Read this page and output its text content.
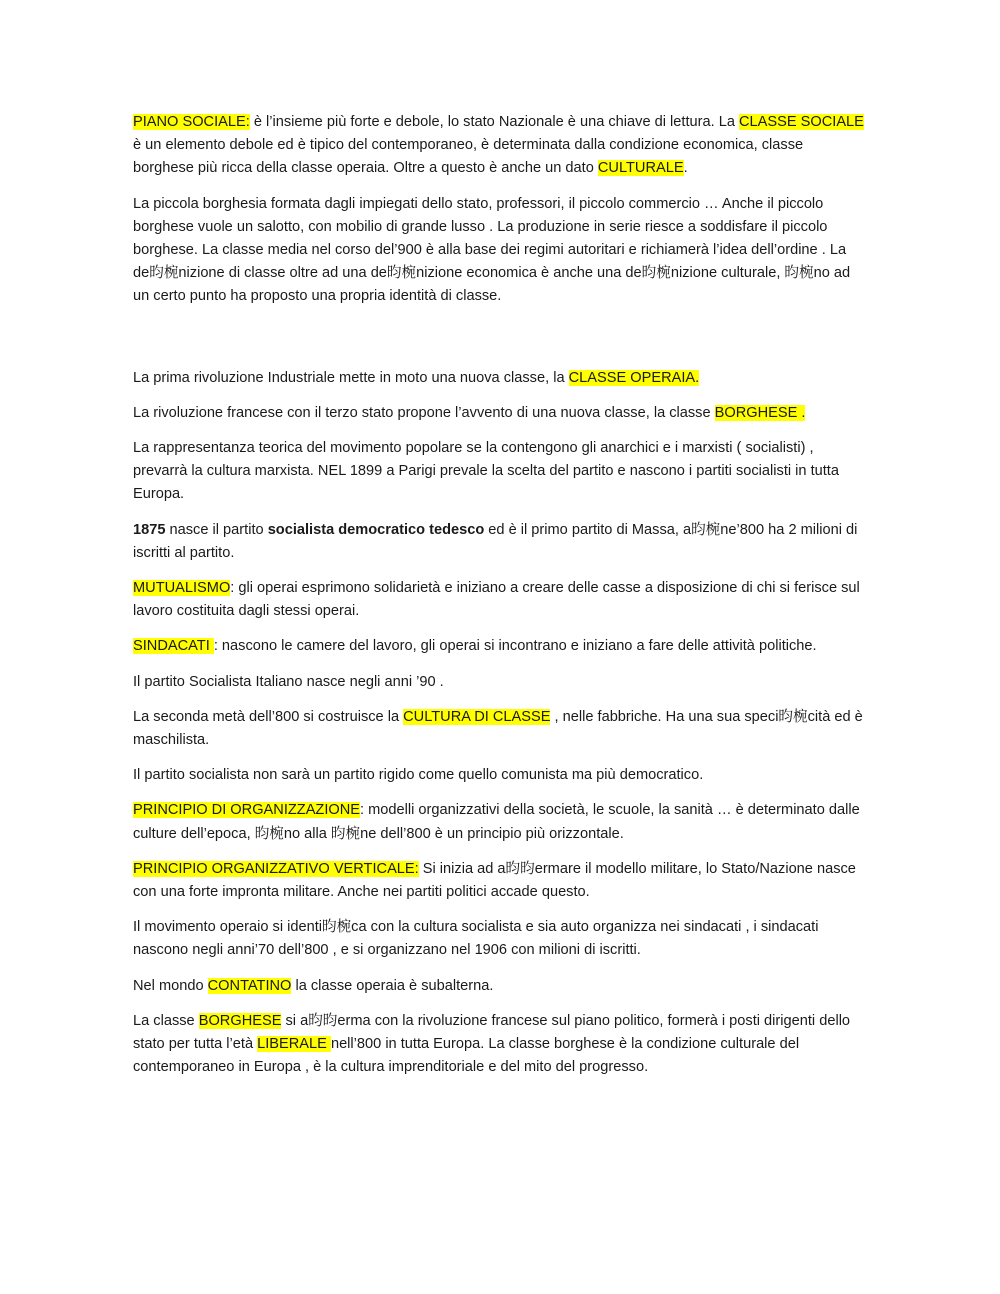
PIANO SOCIALE: è l’insieme più forte e debole, lo stato Nazionale è una chiave di lettura. La CLASSE SOCIALE è un elemento debole ed è tipico del contemporaneo, è determinata dalla condizione economica, classe borghese più ricca della classe operaia. Oltre a questo è anche un dato CULTURALE.

La piccola borghesia formata dagli impiegati dello stato, professori, il piccolo commercio … Anche il piccolo borghese vuole un salotto, con mobilio di grande lusso . La produzione in serie riesce a soddisfare il piccolo borghese. La classe media nel corso del’900 è alla base dei regimi autoritari e richiamerà l’idea dell’ordine . La de昀椀nizione di classe oltre ad una de昀椀nizione economica è anche una de昀椀nizione culturale, 昀椀no ad un certo punto ha proposto una propria identità di classe.

La prima rivoluzione Industriale mette in moto una nuova classe, la CLASSE OPERAIA.

La rivoluzione francese con il terzo stato propone l’avvento di una nuova classe, la classe BORGHESE .

La rappresentanza teorica del movimento popolare se la contengono gli anarchici e i marxisti ( socialisti) , prevarrà la cultura marxista. NEL 1899 a Parigi prevale la scelta del partito e nascono i partiti socialisti in tutta Europa.

1875 nasce il partito socialista democratico tedesco ed è il primo partito di Massa, a昀椀ne’800 ha 2 milioni di iscritti al partito.

MUTUALISMO: gli operai esprimono solidarietà e iniziano a creare delle casse a disposizione di chi si ferisce sul lavoro costituita dagli stessi operai.

SINDACATI : nascono le camere del lavoro, gli operai si incontrano e iniziano a fare delle attività politiche.

Il partito Socialista Italiano nasce negli anni ’90 .

La seconda metà dell’800 si costruisce la CULTURA DI CLASSE , nelle fabbriche. Ha una sua speci昀椀cità ed è maschilista.

Il partito socialista non sarà un partito rigido come quello comunista ma più democratico.

PRINCIPIO DI ORGANIZZAZIONE: modelli organizzativi della società, le scuole, la sanità … è determinato dalle culture dell’epoca, 昀椀no alla 昀椀ne dell’800 è un principio più orizzontale.

PRINCIPIO ORGANIZZATIVO VERTICALE: Si inizia ad a昀昀ermare il modello militare, lo Stato/Nazione nasce con una forte impronta militare. Anche nei partiti politici accade questo.

Il movimento operaio si identi昀椀ca con la cultura socialista e sia auto organizza nei sindacati , i sindacati nascono negli anni’70 dell’800 , e si organizzano nel 1906 con milioni di iscritti.

Nel mondo CONTATINO la classe operaia è subalterna.

La classe BORGHESE si a昀昀erma con la rivoluzione francese sul piano politico, formerà i posti dirigenti dello stato per tutta l’età LIBERALE nell’800 in tutta Europa. La classe borghese è la condizione culturale del contemporaneo in Europa , è la cultura imprenditoriale e del mito del progresso.
